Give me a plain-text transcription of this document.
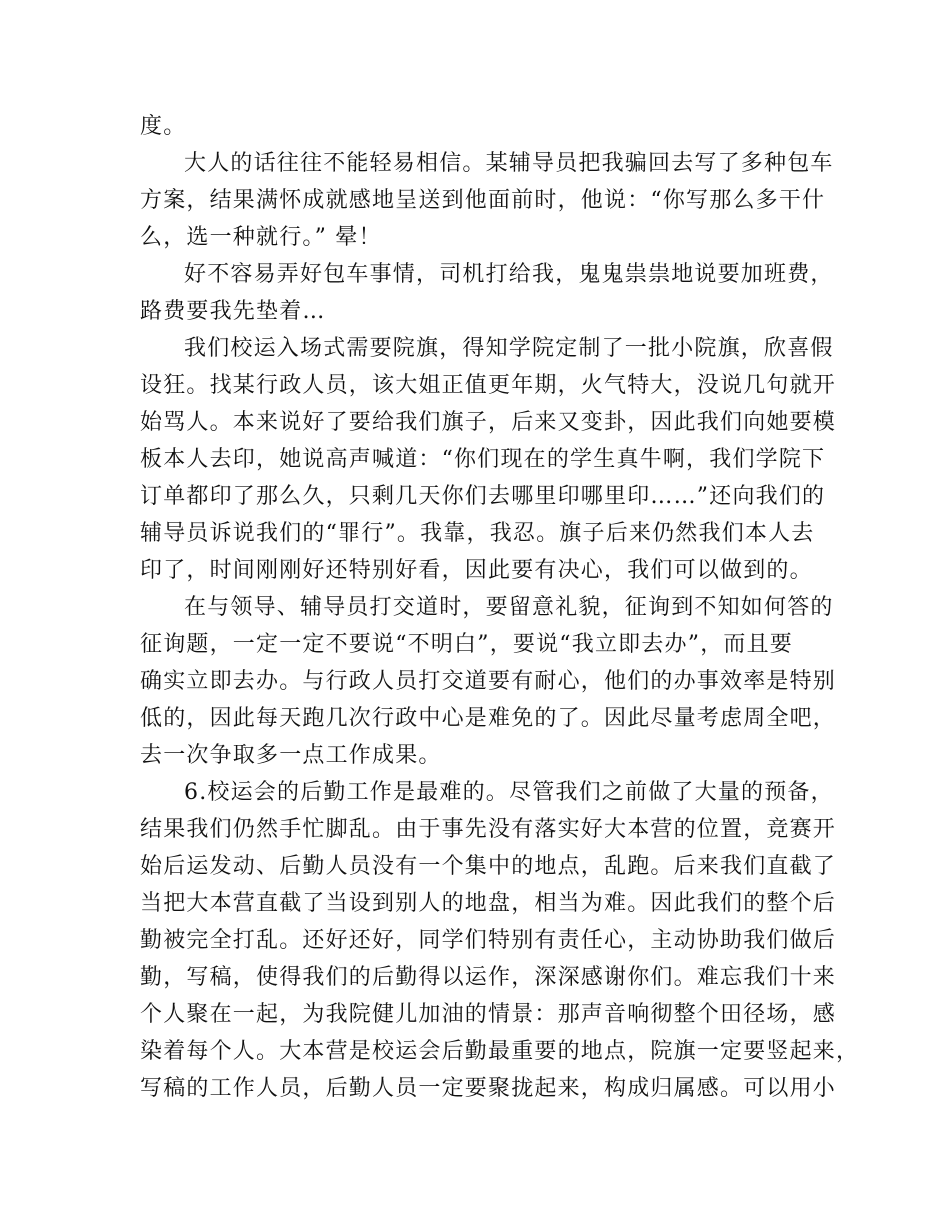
度。
大人的话往往不能轻易相信。某辅导员把我骗回去写了多种包车
方案，结果满怀成就感地呈送到他面前时，他说：“你写那么多干什
么，选一种就行。” 晕！
好不容易弄好包车事情，司机打给我，鬼鬼祟祟地说要加班费，
路费要我先垫着…
我们校运入场式需要院旗，得知学院定制了一批小院旗，欣喜假
设狂。找某行政人员，该大姐正值更年期，火气特大，没说几句就开
始骂人。本来说好了要给我们旗子，后来又变卦，因此我们向她要模
板本人去印，她说高声喊道：“你们现在的学生真牛啊，我们学院下
订单都印了那么久，只剩几天你们去哪里印哪里印……”还向我们的
辅导员诉说我们的“罪行”。我靠，我忍。旗子后来仍然我们本人去
印了，时间刚刚好还特别好看，因此要有决心，我们可以做到的。
在与领导、辅导员打交道时，要留意礼貌，征询到不知如何答的
征询题，一定一定不要说“不明白”，要说“我立即去办”，而且要
确实立即去办。与行政人员打交道要有耐心，他们的办事效率是特别
低的，因此每天跑几次行政中心是难免的了。因此尽量考虑周全吧，
去一次争取多一点工作成果。
6.校运会的后勤工作是最难的。尽管我们之前做了大量的预备，
结果我们仍然手忙脚乱。由于事先没有落实好大本营的位置，竞赛开
始后运发动、后勤人员没有一个集中的地点，乱跑。后来我们直截了
当把大本营直截了当设到别人的地盘，相当为难。因此我们的整个后
勤被完全打乱。还好还好，同学们特别有责任心，主动协助我们做后
勤，写稿，使得我们的后勤得以运作，深深感谢你们。难忘我们十来
个人聚在一起，为我院健儿加油的情景：那声音响彻整个田径场，感
染着每个人。大本营是校运会后勤最重要的地点，院旗一定要竖起来，
写稿的工作人员，后勤人员一定要聚拢起来，构成归属感。可以用小
